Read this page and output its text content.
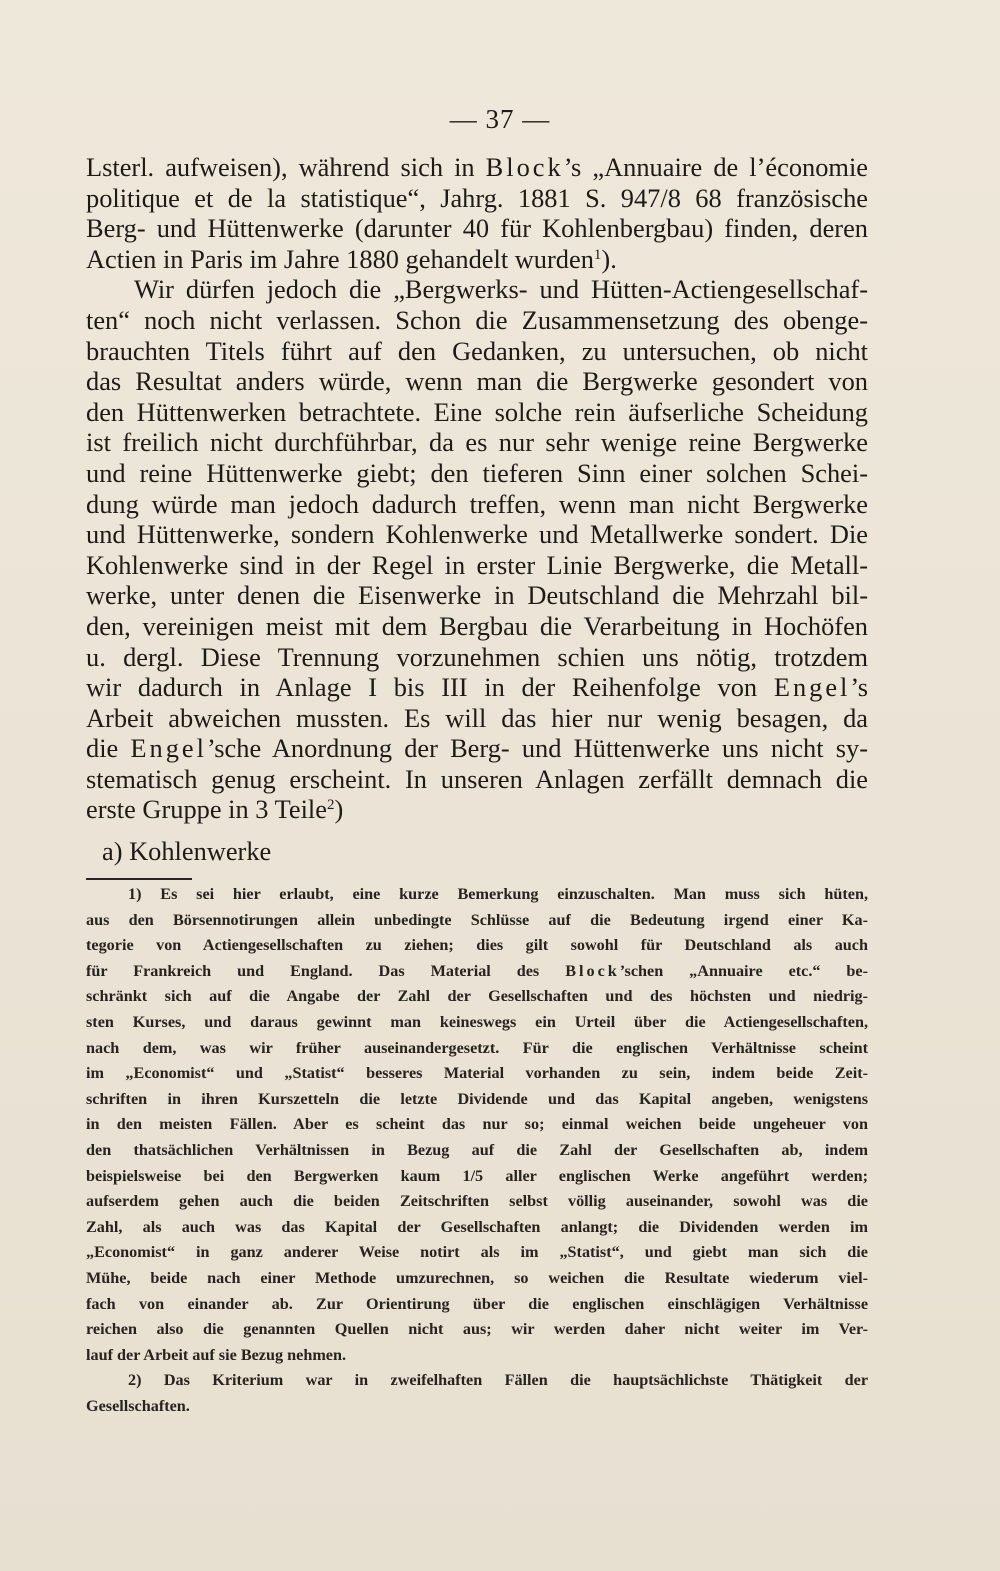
— 37 —
Lsterl. aufweisen), während sich in Block’s „Annuaire de l’économie
politique et de la statistique“, Jahrg. 1881 S. 947/8 68 französische
Berg- und Hüttenwerke (darunter 40 für Kohlenbergbau) finden, deren
Actien in Paris im Jahre 1880 gehandelt wurden$^1$).
Wir dürfen jedoch die „Bergwerks- und Hütten-Actiengesellschaf-
ten“ noch nicht verlassen. Schon die Zusammensetzung des obenge-
brauchten Titels führt auf den Gedanken, zu untersuchen, ob nicht
das Resultat anders würde, wenn man die Bergwerke gesondert von
den Hüttenwerken betrachtete. Eine solche rein äufserliche Scheidung
ist freilich nicht durchführbar, da es nur sehr wenige reine Bergwerke
und reine Hüttenwerke giebt; den tieferen Sinn einer solchen Schei-
dung würde man jedoch dadurch treffen, wenn man nicht Bergwerke
und Hüttenwerke, sondern Kohlenwerke und Metallwerke sondert. Die
Kohlenwerke sind in der Regel in erster Linie Bergwerke, die Metall-
werke, unter denen die Eisenwerke in Deutschland die Mehrzahl bil-
den, vereinigen meist mit dem Bergbau die Verarbeitung in Hochöfen
u. dergl. Diese Trennung vorzunehmen schien uns nötig, trotzdem
wir dadurch in Anlage I bis III in der Reihenfolge von Engel’s
Arbeit abweichen mussten. Es will das hier nur wenig besagen, da
die Engel’sche Anordnung der Berg- und Hüttenwerke uns nicht sy-
stematisch genug erscheint. In unseren Anlagen zerfällt demnach die
erste Gruppe in 3 Teile$^2$)
a) Kohlenwerke
1) Es sei hier erlaubt, eine kurze Bemerkung einzuschalten. Man muss sich hüten,
aus den Börsennotirungen allein unbedingte Schlüsse auf die Bedeutung irgend einer Ka-
tegorie von Actiengesellschaften zu ziehen; dies gilt sowohl für Deutschland als auch
für Frankreich und England. Das Material des Block’schen „Annuaire etc.“ be-
schränkt sich auf die Angabe der Zahl der Gesellschaften und des höchsten und niedrig-
sten Kurses, und daraus gewinnt man keineswegs ein Urteil über die Actiengesellschaften,
nach dem, was wir früher auseinandergesetzt. Für die englischen Verhältnisse scheint
im „Economist“ und „Statist“ besseres Material vorhanden zu sein, indem beide Zeit-
schriften in ihren Kurszetteln die letzte Dividende und das Kapital angeben, wenigstens
in den meisten Fällen. Aber es scheint das nur so; einmal weichen beide ungeheuer von
den thatsächlichen Verhältnissen in Bezug auf die Zahl der Gesellschaften ab, indem
beispielsweise bei den Bergwerken kaum 1/5 aller englischen Werke angeführt werden;
aufserdem gehen auch die beiden Zeitschriften selbst völlig auseinander, sowohl was die
Zahl, als auch was das Kapital der Gesellschaften anlangt; die Dividenden werden im
„Economist“ in ganz anderer Weise notirt als im „Statist“, und giebt man sich die
Mühe, beide nach einer Methode umzurechnen, so weichen die Resultate wiederum viel-
fach von einander ab. Zur Orientirung über die englischen einschlägigen Verhältnisse
reichen also die genannten Quellen nicht aus; wir werden daher nicht weiter im Ver-
lauf der Arbeit auf sie Bezug nehmen.
2) Das Kriterium war in zweifelhaften Fällen die hauptsächlichste Thätigkeit der
Gesellschaften.
